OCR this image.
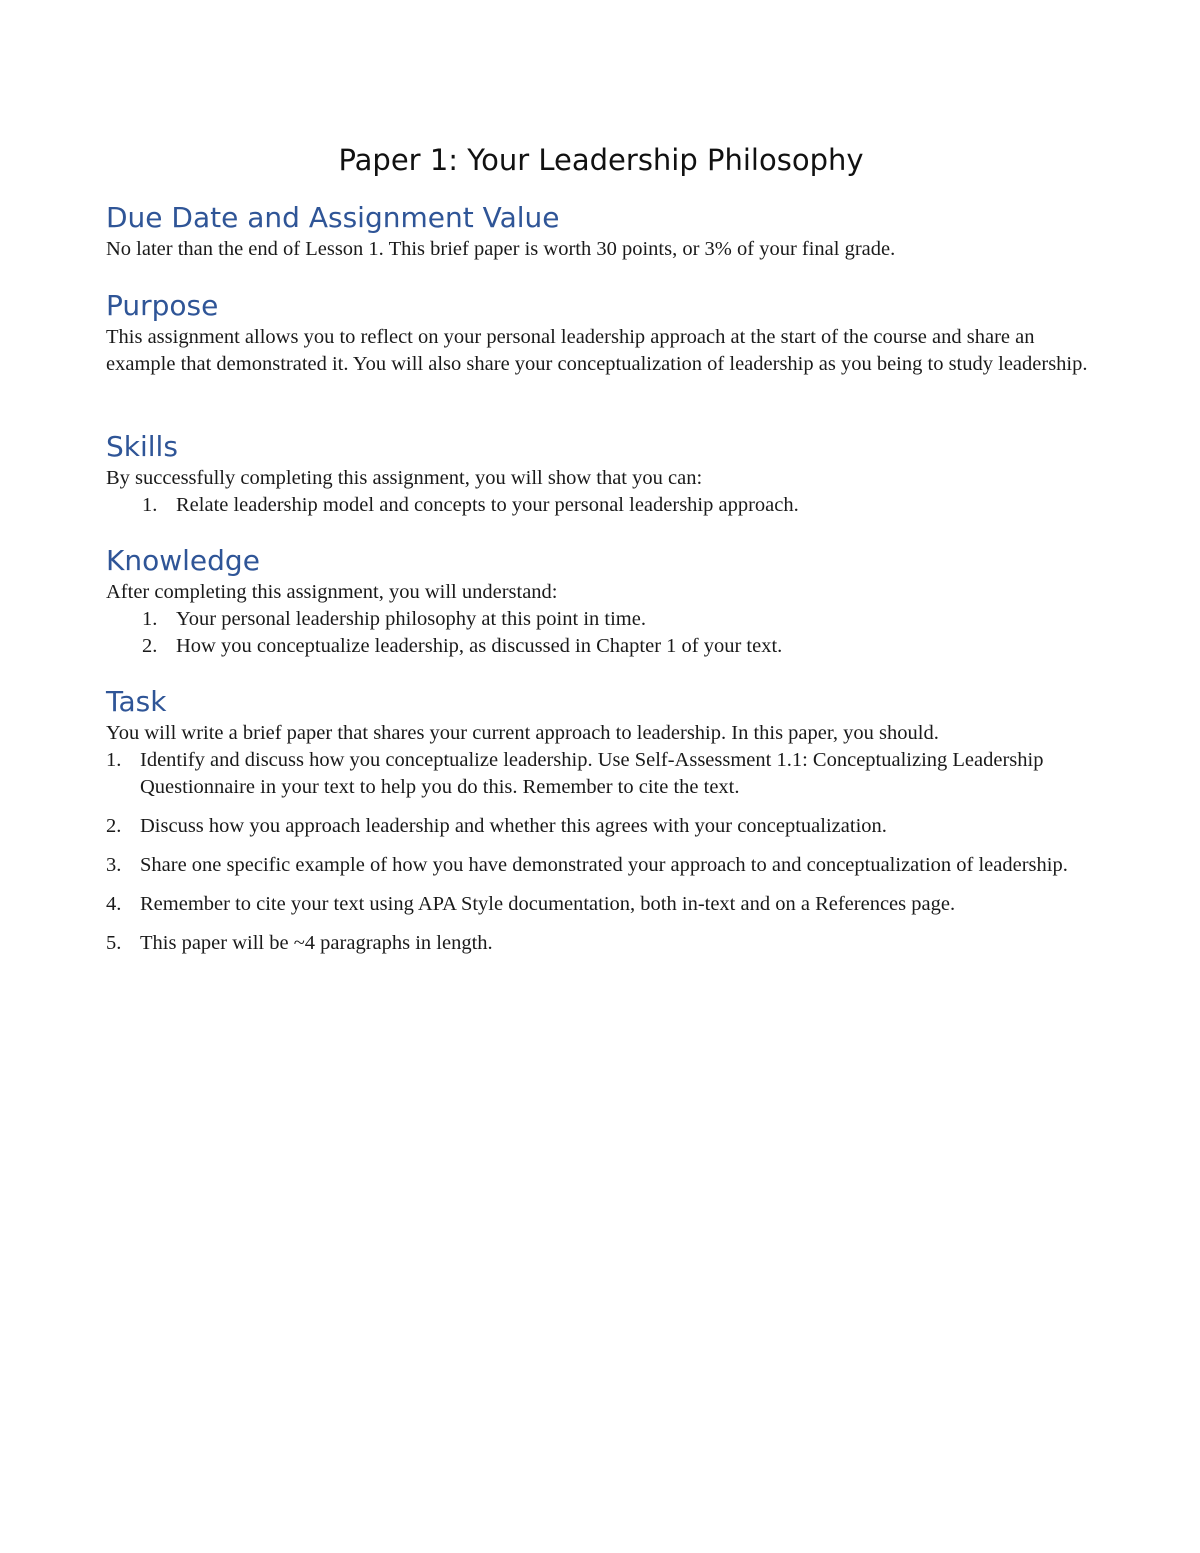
Paper 1: Your Leadership Philosophy
Due Date and Assignment Value

No later than the end of Lesson 1. This brief paper is worth 30 points, or 3% of your final grade.

Purpose

This assignment allows you to reflect on your personal leadership approach at the start of the course and share an example that demonstrated it. You will also share your conceptualization of leadership as you being to study leadership.

Skills

By successfully completing this assignment, you will show that you can:

1. Relate leadership model and concepts to your personal leadership approach.
Knowledge

After completing this assignment, you will understand:

1. Your personal leadership philosophy at this point in time.
2. How you conceptualize leadership, as discussed in Chapter 1 of your text.
Task

You will write a brief paper that shares your current approach to leadership. In this paper, you should.

1. Identify and discuss how you conceptualize leadership. Use Self-Assessment 1.1: Conceptualizing Leadership Questionnaire in your text to help you do this. Remember to cite the text.
2. Discuss how you approach leadership and whether this agrees with your conceptualization.
3. Share one specific example of how you have demonstrated your approach to and conceptualization of leadership.
4. Remember to cite your text using APA Style documentation, both in-text and on a References page.
5. This paper will be ~4 paragraphs in length.
